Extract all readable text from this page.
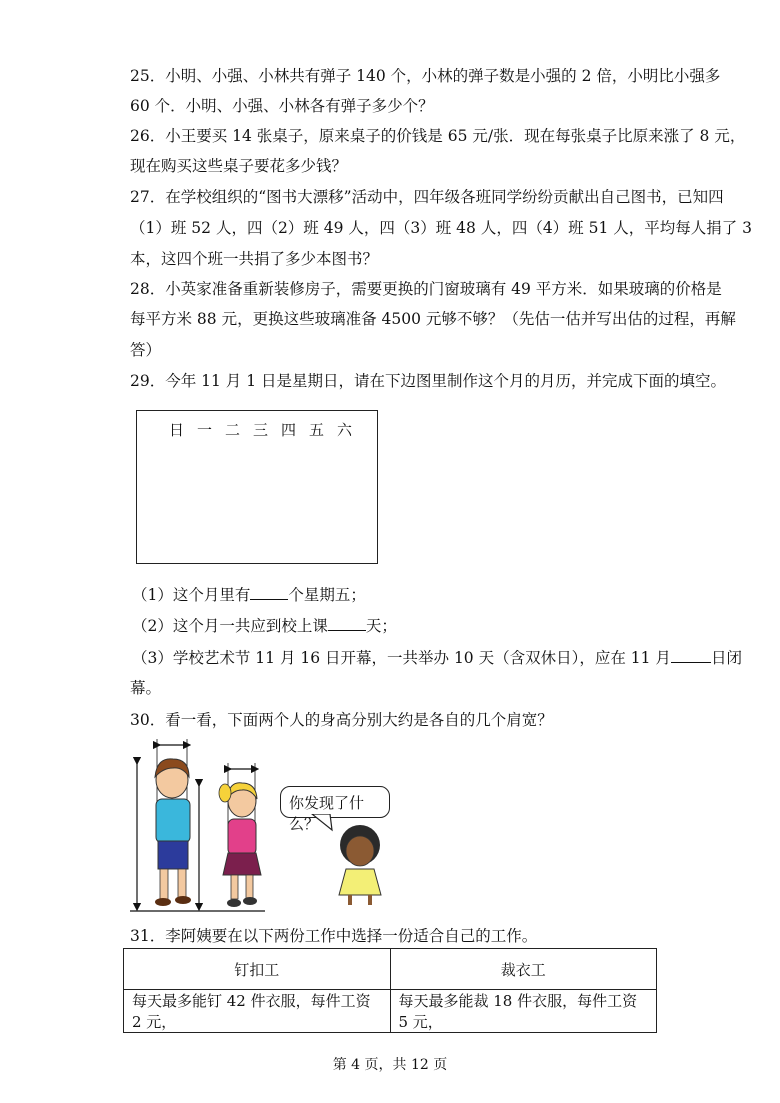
25．小明、小强、小林共有弹子 140 个，小林的弹子数是小强的 2 倍，小明比小强多
60 个．小明、小强、小林各有弹子多少个？
26．小王要买 14 张桌子，原来桌子的价钱是 65 元/张．现在每张桌子比原来涨了 8 元，
现在购买这些桌子要花多少钱？
27．在学校组织的“图书大漂移”活动中，四年级各班同学纷纷贡献出自己图书，已知四
（1）班 52 人，四（2）班 49 人，四（3）班 48 人，四（4）班 51 人，平均每人捐了 3
本，这四个班一共捐了多少本图书？
28．小英家准备重新装修房子，需要更换的门窗玻璃有 49 平方米．如果玻璃的价格是
每平方米 88 元，更换这些玻璃准备 4500 元够不够？（先估一估并写出估的过程，再解
答）
29．今年 11 月 1 日是星期日，请在下边图里制作这个月的月历，并完成下面的填空。
日 一 二 三 四 五 六
（1）这个月里有 个星期五；
（2）这个月一共应到校上课 天；
（3）学校艺术节 11 月 16 日开幕，一共举办 10 天（含双休日），应在 11 月	日闭
幕。
30．看一看，下面两个人的身高分别大约是各自的几个肩宽？
你发现了什么？
31．李阿姨要在以下两份工作中选择一份适合自己的工作。
钉扣工	裁衣工
每天最多能钉 42 件衣服，每件工资 2 元，	每天最多能裁 18 件衣服，每件工资 5 元，
第 4 页，共 12 页
